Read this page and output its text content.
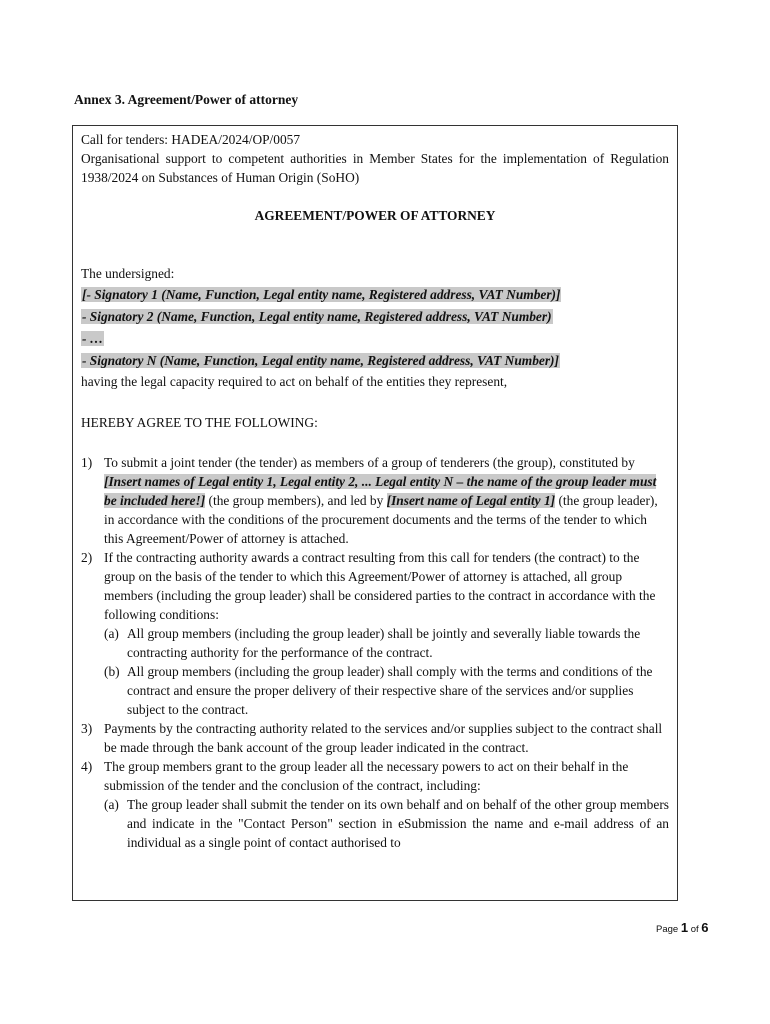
Annex 3. Agreement/Power of attorney

Call for tenders: HADEA/2024/OP/0057

Organisational support to competent authorities in Member States for the implementation of Regulation 1938/2024 on Substances of Human Origin (SoHO)

AGREEMENT/POWER OF ATTORNEY

The undersigned:

[- Signatory 1 (Name, Function, Legal entity name, Registered address, VAT Number)]

- Signatory 2 (Name, Function, Legal entity name, Registered address, VAT Number)

- …

- Signatory N (Name, Function, Legal entity name, Registered address, VAT Number)]

having the legal capacity required to act on behalf of the entities they represent,

HEREBY AGREE TO THE FOLLOWING:

1) To submit a joint tender (the tender) as members of a group of tenderers (the group), constituted by [Insert names of Legal entity 1, Legal entity 2, ... Legal entity N – the name of the group leader must be included here!] (the group members), and led by [Insert name of Legal entity 1] (the group leader), in accordance with the conditions of the procurement documents and the terms of the tender to which this Agreement/Power of attorney is attached.
2) If the contracting authority awards a contract resulting from this call for tenders (the contract) to the group on the basis of the tender to which this Agreement/Power of attorney is attached, all group members (including the group leader) shall be considered parties to the contract in accordance with the following conditions:
(a) All group members (including the group leader) shall be jointly and severally liable towards the contracting authority for the performance of the contract.
(b) All group members (including the group leader) shall comply with the terms and conditions of the contract and ensure the proper delivery of their respective share of the services and/or supplies subject to the contract.
3) Payments by the contracting authority related to the services and/or supplies subject to the contract shall be made through the bank account of the group leader indicated in the contract.
4) The group members grant to the group leader all the necessary powers to act on their behalf in the submission of the tender and the conclusion of the contract, including:
(a) The group leader shall submit the tender on its own behalf and on behalf of the other group members and indicate in the "Contact Person" section in eSubmission the name and e-mail address of an individual as a single point of contact authorised to
Page 1 of 6
